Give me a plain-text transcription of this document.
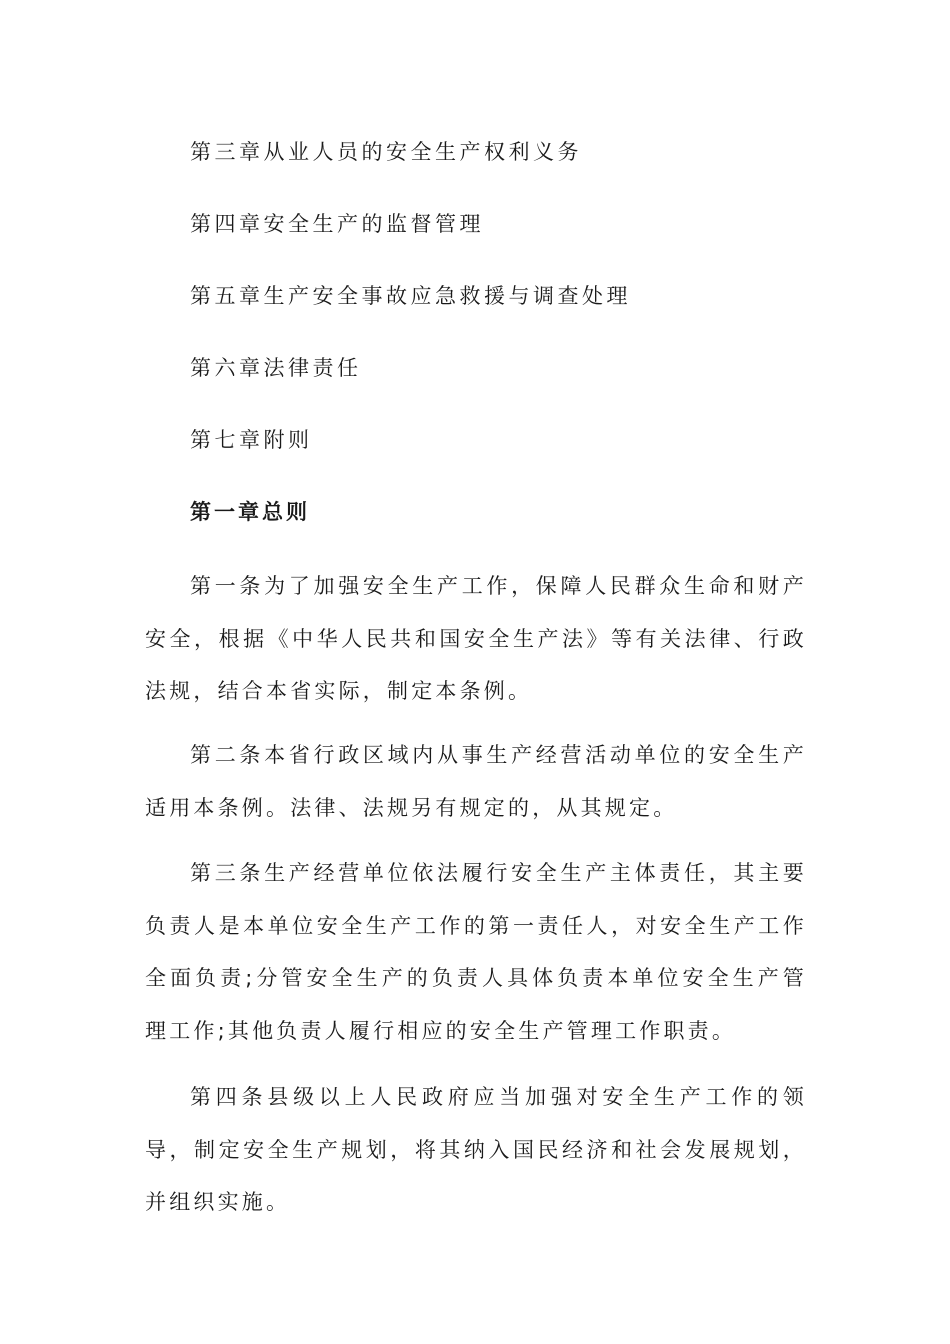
第三章从业人员的安全生产权利义务
第四章安全生产的监督管理
第五章生产安全事故应急救援与调查处理
第六章法律责任
第七章附则
第一章总则

第一条为了加强安全生产工作，保障人民群众生命和财产安全，根据《中华人民共和国安全生产法》等有关法律、行政法规，结合本省实际，制定本条例。

第二条本省行政区域内从事生产经营活动单位的安全生产适用本条例。法律、法规另有规定的，从其规定。

第三条生产经营单位依法履行安全生产主体责任，其主要负责人是本单位安全生产工作的第一责任人，对安全生产工作全面负责;分管安全生产的负责人具体负责本单位安全生产管理工作;其他负责人履行相应的安全生产管理工作职责。

第四条县级以上人民政府应当加强对安全生产工作的领导，制定安全生产规划，将其纳入国民经济和社会发展规划，并组织实施。
